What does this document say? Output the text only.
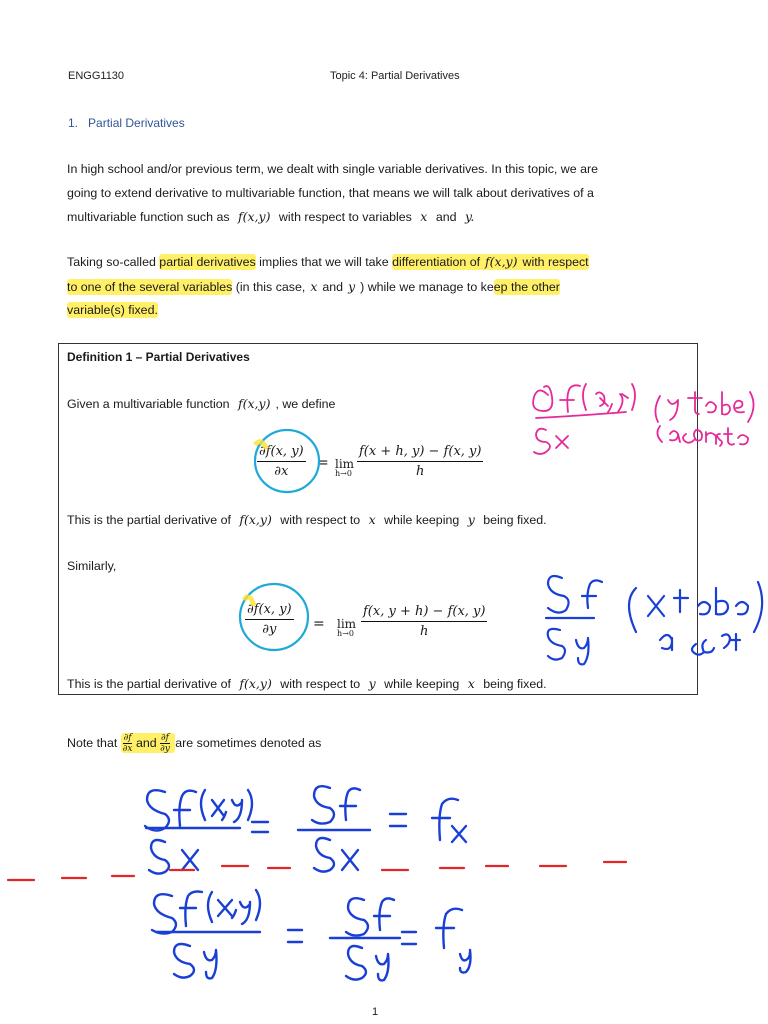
ENGG1130	Topic 4: Partial Derivatives
1. Partial Derivatives
In high school and/or previous term, we dealt with single variable derivatives. In this topic, we are
going to extend derivative to multivariable function, that means we will talk about derivatives of a
multivariable function such as f(x,y) with respect to variables x and y.
Taking so-called partial derivatives implies that we will take differentiation of f(x,y) with respect
to one of the several variables (in this case, x and y ) while we manage to keep the other
variable(s) fixed.
Definition 1 – Partial Derivatives
Given a multivariable function f(x,y) , we define
$\frac{\partial f(x, y)}{\partial x} = \lim$
$h\to 0 \frac{f(x + h, y) - f(x, y)}{h}$
This is the partial derivative of f(x,y) with respect to x while keeping y being fixed.
Similarly,
$\frac{\partial f(x, y)}{\partial y} = \lim$
$h\to 0 \frac{f(x, y + h) - f(x, y)}{h}$
This is the partial derivative of f(x,y) with respect to y while keeping x being fixed.
Note that $\frac{\partial f}{\partial x}$ and $\frac{\partial f}{\partial y}$ are sometimes denoted as
1
